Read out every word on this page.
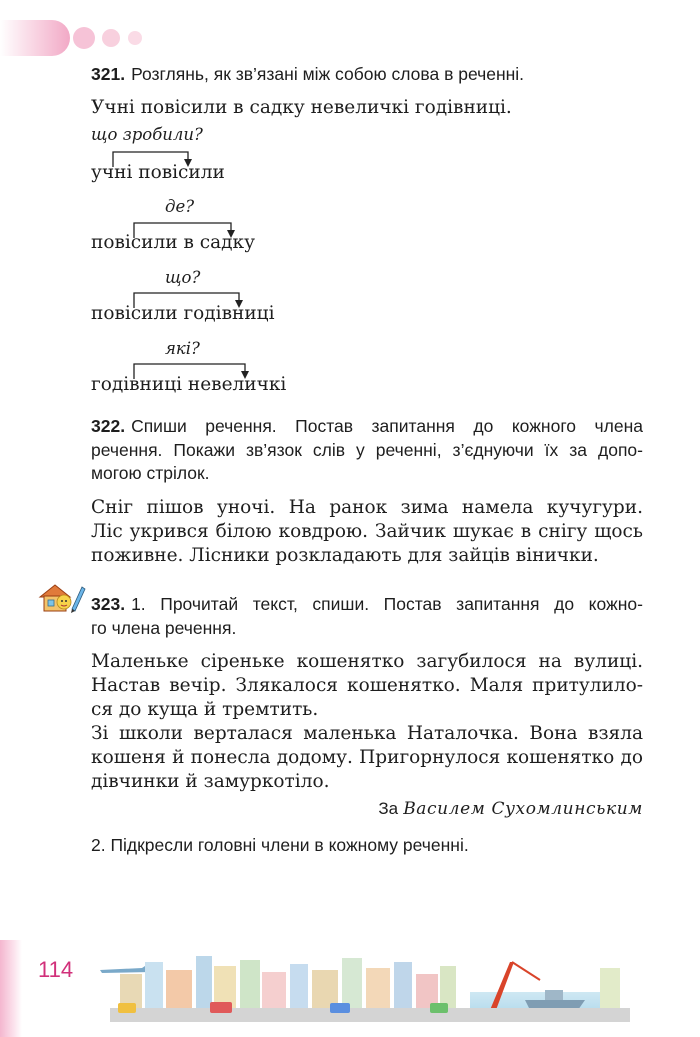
321. Розглянь, як зв’язані між собою слова в реченні.
Учні повісили в садку невеличкі годівниці.
що зробили?
учні повісили
де?
повісили в садку
що?
повісили годівниці
які?
годівниці невеличкі
322. Спиши речення. Постав запитання до кожного члена
речення. Покажи зв’язок слів у реченні, з’єднуючи їх за допо-
могою стрілок.
Сніг пішов уночі. На ранок зима намела кучугури.
Ліс укрився білою ковдрою. Зайчик шукає в снігу щось
поживне. Лісники розкладають для зайців вінички.
323. 1. Прочитай текст, спиши. Постав запитання до кожно-
го члена речення.
Маленьке сіреньке кошенятко загубилося на вулиці.
Настав вечір. Злякалося кошенятко. Маля притулило-
ся до куща й тремтить.
Зі школи верталася маленька Наталочка. Вона взяла
кошеня й понесла додому. Пригорнулося кошенятко до
дівчинки й замуркотіло.
За Василем Сухомлинським
2. Підкресли головні члени в кожному реченні.
114
